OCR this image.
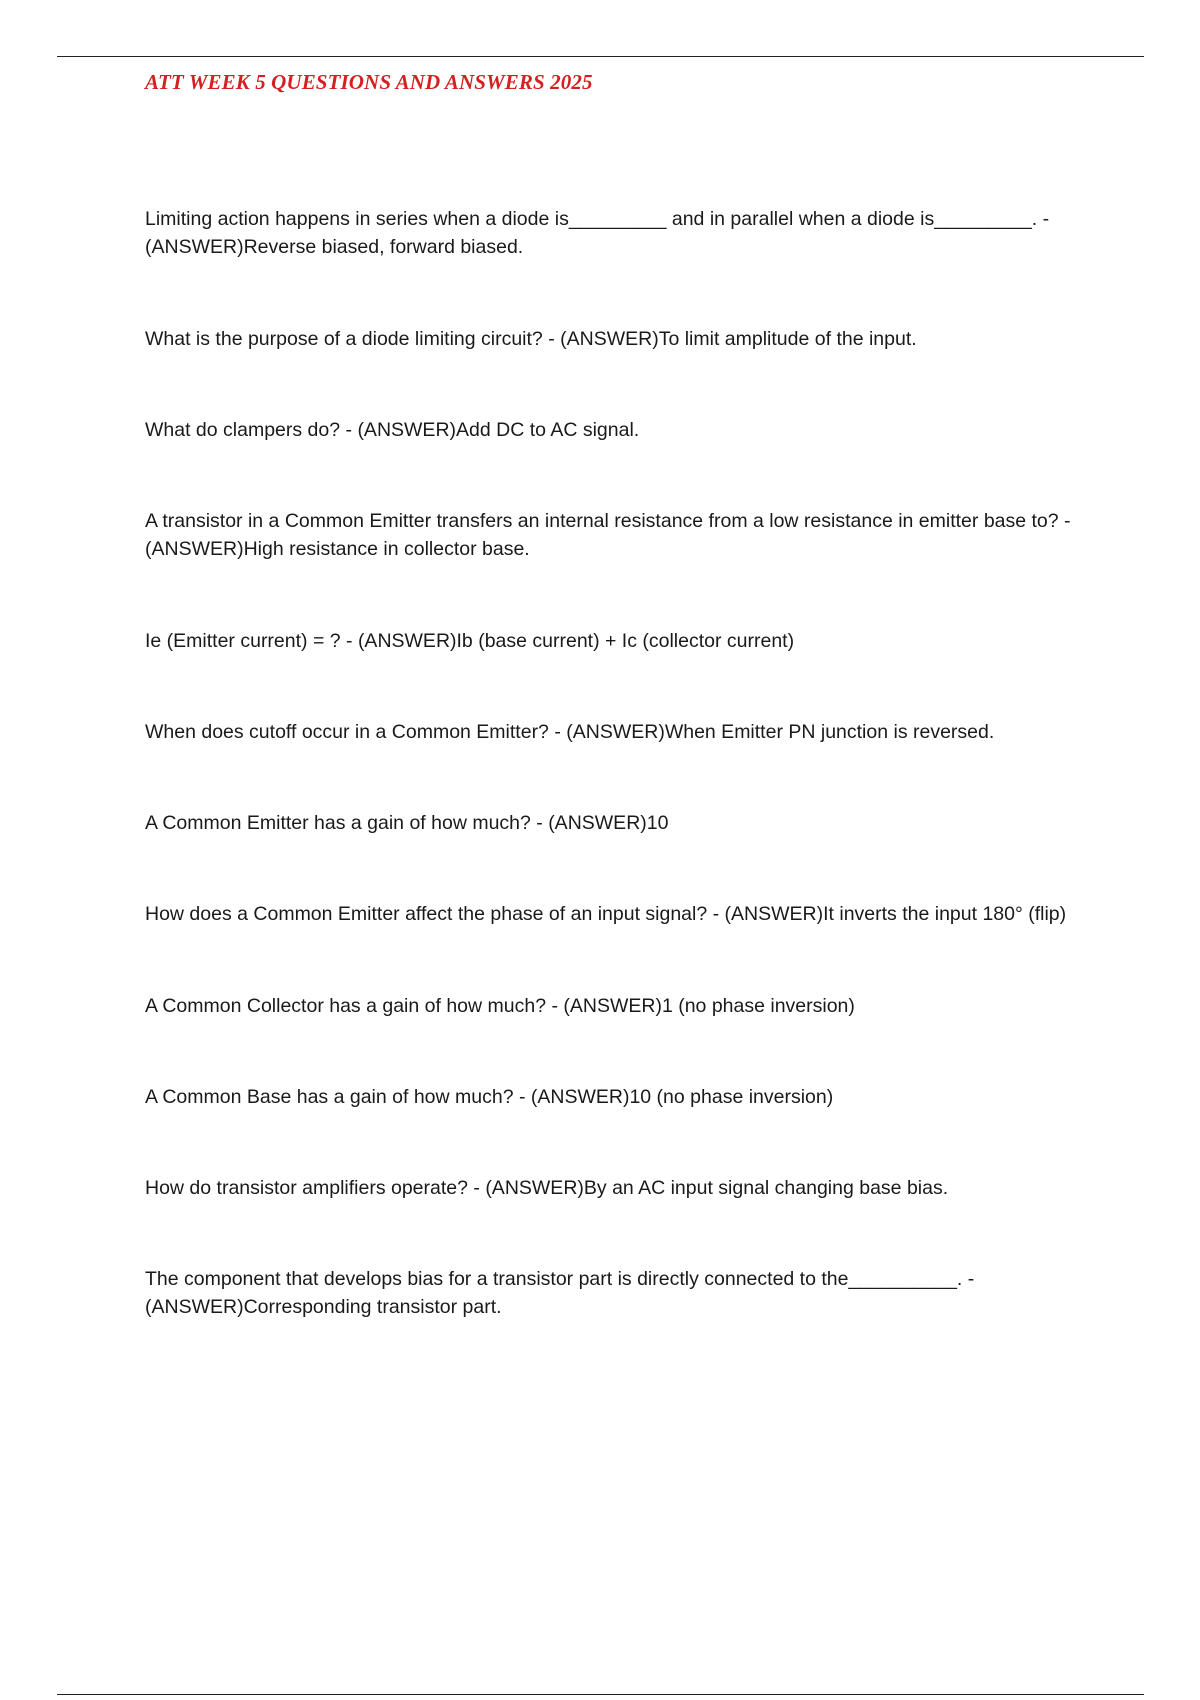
ATT WEEK 5 QUESTIONS AND ANSWERS 2025
Limiting action happens in series when a diode is_________ and in parallel when a diode is_________. -
(ANSWER)Reverse biased, forward biased.
What is the purpose of a diode limiting circuit? - (ANSWER)To limit amplitude of the input.
What do clampers do? - (ANSWER)Add DC to AC signal.
A transistor in a Common Emitter transfers an internal resistance from a low resistance in emitter base to? - (ANSWER)High resistance in collector base.
Ie (Emitter current) = ? - (ANSWER)Ib (base current) + Ic (collector current)
When does cutoff occur in a Common Emitter? - (ANSWER)When Emitter PN junction is reversed.
A Common Emitter has a gain of how much? - (ANSWER)10
How does a Common Emitter affect the phase of an input signal? - (ANSWER)It inverts the input 180° (flip)
A Common Collector has a gain of how much? - (ANSWER)1 (no phase inversion)
A Common Base has a gain of how much? - (ANSWER)10 (no phase inversion)
How do transistor amplifiers operate? - (ANSWER)By an AC input signal changing base bias.
The component that develops bias for a transistor part is directly connected to the__________. -
(ANSWER)Corresponding transistor part.
